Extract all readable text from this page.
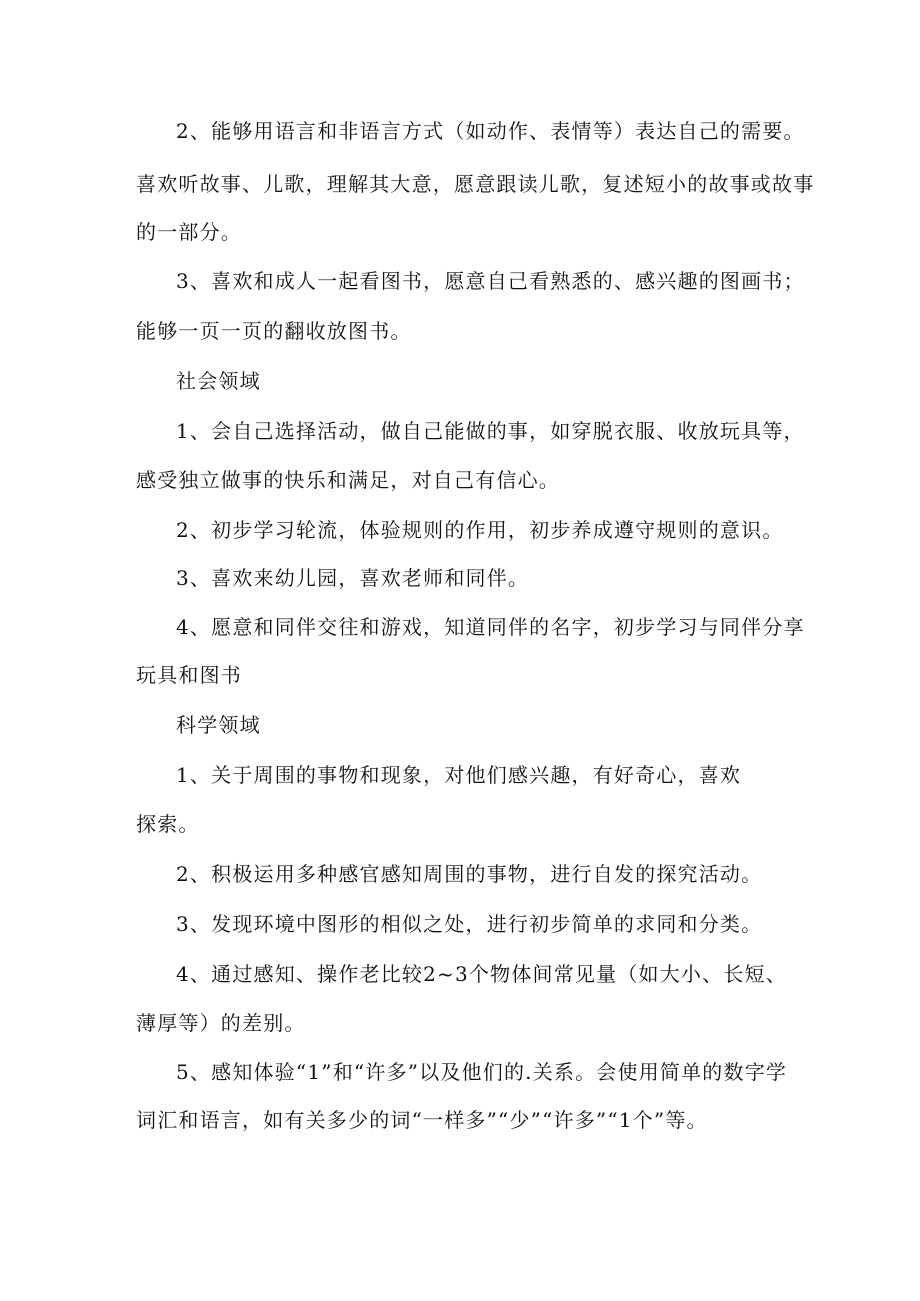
2、能够用语言和非语言方式（如动作、表情等）表达自己的需要。
喜欢听故事、儿歌，理解其大意，愿意跟读儿歌，复述短小的故事或故事
的一部分。
3、喜欢和成人一起看图书，愿意自己看熟悉的、感兴趣的图画书；
能够一页一页的翻收放图书。
社会领域
1、会自己选择活动，做自己能做的事，如穿脱衣服、收放玩具等，
感受独立做事的快乐和满足，对自己有信心。
2、初步学习轮流，体验规则的作用，初步养成遵守规则的意识。
3、喜欢来幼儿园，喜欢老师和同伴。
4、愿意和同伴交往和游戏，知道同伴的名字，初步学习与同伴分享
玩具和图书
科学领域
1、关于周围的事物和现象，对他们感兴趣，有好奇心，喜欢
探索。
2、积极运用多种感官感知周围的事物，进行自发的探究活动。
3、发现环境中图形的相似之处，进行初步简单的求同和分类。
4、通过感知、操作老比较2~3个物体间常见量（如大小、长短、
薄厚等）的差别。
5、感知体验“1”和“许多”以及他们的.关系。会使用简单的数字学
词汇和语言，如有关多少的词“一样多”“少”“许多”“1个”等。
